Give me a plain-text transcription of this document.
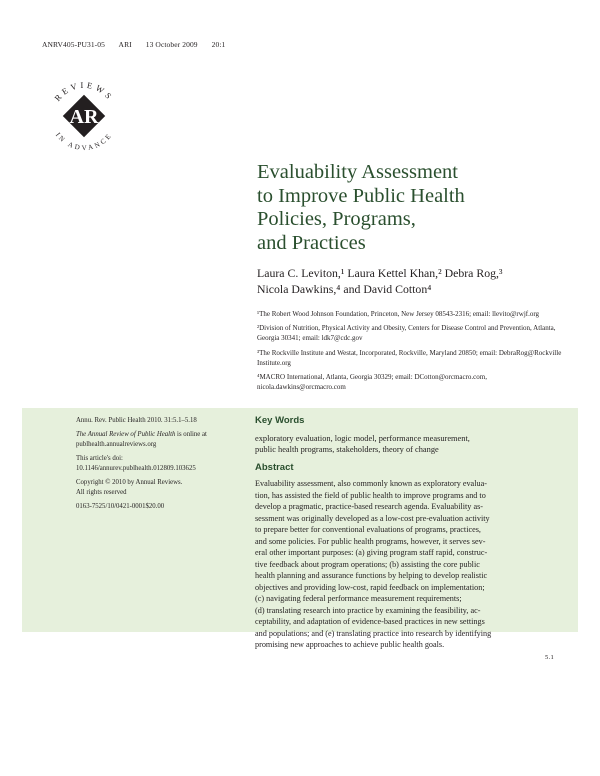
ANRV405-PU31-05 ARI 13 October 2009 20:1
REVIEWS
IN ADVANCE
AR
Evaluability Assessment
to Improve Public Health
Policies, Programs,
and Practices
Laura C. Leviton,¹ Laura Kettel Khan,² Debra Rog,³
Nicola Dawkins,⁴ and David Cotton⁴
¹The Robert Wood Johnson Foundation, Princeton, New Jersey 08543-2316; email: llevito@rwjf.org
²Division of Nutrition, Physical Activity and Obesity, Centers for Disease Control and Prevention, Atlanta, Georgia 30341; email: ldk7@cdc.gov
³The Rockville Institute and Westat, Incorporated, Rockville, Maryland 20850; email: DebraRog@Rockville Institute.org
⁴MACRO International, Atlanta, Georgia 30329; email: DCotton@orcmacro.com, nicola.dawkins@orcmacro.com

Annu. Rev. Public Health 2010. 31:5.1–5.18

The Annual Review of Public Health is online at publhealth.annualreviews.org

This article's doi:
10.1146/annurev.publhealth.012809.103625

Copyright © 2010 by Annual Reviews.
All rights reserved

0163-7525/10/0421-0001$20.00

Key Words
exploratory evaluation, logic model, performance measurement,
public health programs, stakeholders, theory of change
Abstract
Evaluability assessment, also commonly known as exploratory evalua-
tion, has assisted the field of public health to improve programs and to
develop a pragmatic, practice-based research agenda. Evaluability as-
sessment was originally developed as a low-cost pre-evaluation activity
to prepare better for conventional evaluations of programs, practices,
and some policies. For public health programs, however, it serves sev-
eral other important purposes: (a) giving program staff rapid, construc-
tive feedback about program operations; (b) assisting the core public
health planning and assurance functions by helping to develop realistic
objectives and providing low-cost, rapid feedback on implementation;
(c) navigating federal performance measurement requirements;
(d) translating research into practice by examining the feasibility, ac-
ceptability, and adaptation of evidence-based practices in new settings
and populations; and (e) translating practice into research by identifying
promising new approaches to achieve public health goals.
5.1
